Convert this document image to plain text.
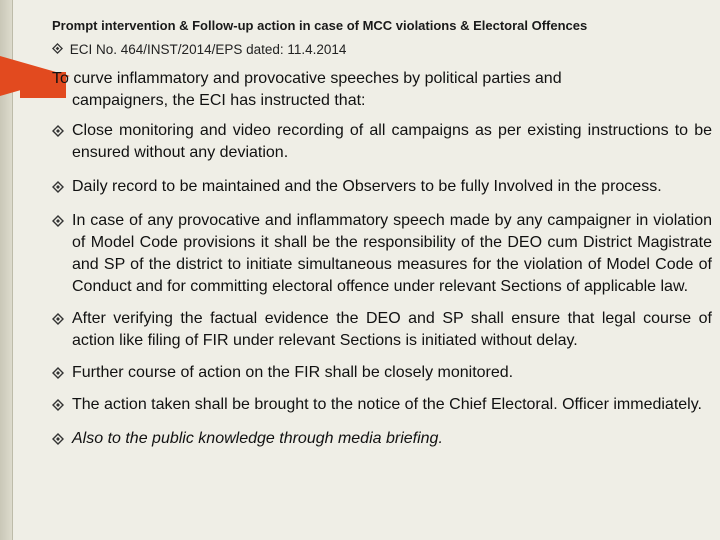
Prompt intervention & Follow-up action in case of MCC violations & Electoral Offences
ECI No. 464/INST/2014/EPS dated: 11.4.2014
To curve inflammatory and provocative speeches by political parties and
campaigners, the ECI has instructed that:
Close monitoring and video recording of all campaigns as per existing instructions to be ensured without any deviation.
Daily record to be maintained and the Observers to be fully Involved in the process.
In case of any provocative and inflammatory speech made by any campaigner in violation of Model Code provisions it shall be the responsibility of the DEO cum District Magistrate and SP of the district to initiate simultaneous measures for the violation of Model Code of Conduct and for committing electoral offence under relevant Sections of applicable law.
After verifying the factual evidence the DEO and SP shall ensure that legal course of action like filing of FIR under relevant Sections is initiated without delay.
Further course of action on the FIR shall be closely monitored.
The action taken shall be brought to the notice of the Chief Electoral. Officer immediately.
Also to the public knowledge through media briefing.
